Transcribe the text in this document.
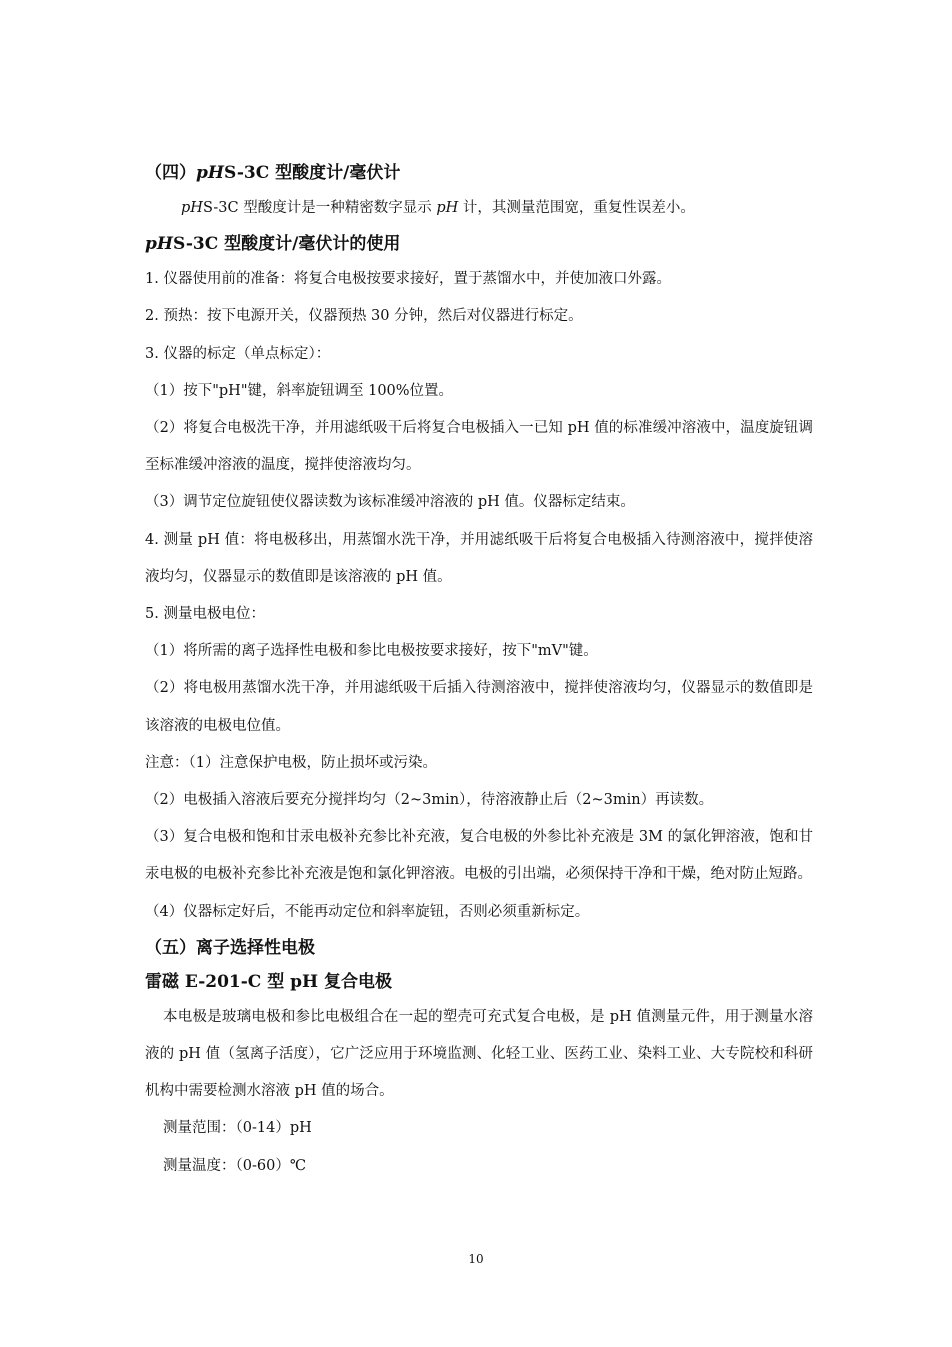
（四）pHS-3C 型酸度计/毫伏计

pHS-3C 型酸度计是一种精密数字显示 pH 计，其测量范围宽，重复性误差小。

pHS-3C 型酸度计/毫伏计的使用

1. 仪器使用前的准备：将复合电极按要求接好，置于蒸馏水中，并使加液口外露。

2. 预热：按下电源开关，仪器预热 30 分钟，然后对仪器进行标定。

3. 仪器的标定（单点标定）：

（1）按下"pH"键，斜率旋钮调至 100%位置。

（2）将复合电极洗干净，并用滤纸吸干后将复合电极插入一已知 pH 值的标准缓冲溶液中，温度旋钮调至标准缓冲溶液的温度，搅拌使溶液均匀。

（3）调节定位旋钮使仪器读数为该标准缓冲溶液的 pH 值。仪器标定结束。

4. 测量 pH 值：将电极移出，用蒸馏水洗干净，并用滤纸吸干后将复合电极插入待测溶液中，搅拌使溶液均匀，仪器显示的数值即是该溶液的 pH 值。

5. 测量电极电位：

（1）将所需的离子选择性电极和参比电极按要求接好，按下"mV"键。

（2）将电极用蒸馏水洗干净，并用滤纸吸干后插入待测溶液中，搅拌使溶液均匀，仪器显示的数值即是该溶液的电极电位值。

注意：（1）注意保护电极，防止损坏或污染。

（2）电极插入溶液后要充分搅拌均匀（2~3min），待溶液静止后（2~3min）再读数。

（3）复合电极和饱和甘汞电极补充参比补充液，复合电极的外参比补充液是 3M 的氯化钾溶液，饱和甘汞电极的电极补充参比补充液是饱和氯化钾溶液。电极的引出端，必须保持干净和干燥，绝对防止短路。

（4）仪器标定好后，不能再动定位和斜率旋钮，否则必须重新标定。

（五）离子选择性电极

雷磁 E-201-C 型 pH 复合电极

本电极是玻璃电极和参比电极组合在一起的塑壳可充式复合电极，是 pH 值测量元件，用于测量水溶液的 pH 值（氢离子活度），它广泛应用于环境监测、化轻工业、医药工业、染料工业、大专院校和科研机构中需要检测水溶液 pH 值的场合。

测量范围：（0-14）pH

测量温度：（0-60）℃

10
